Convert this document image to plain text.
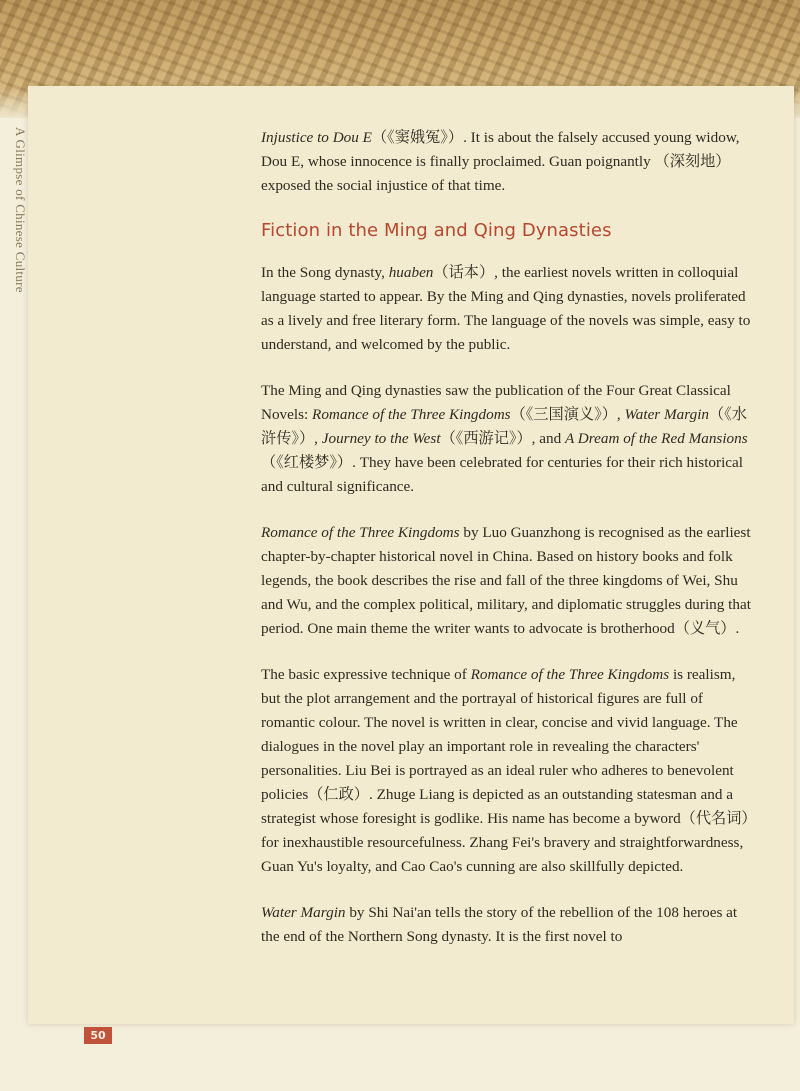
A Glimpse of Chinese Culture	Injustice to Dou E（《窦娥冤》）. It is about the falsely accused young widow, Dou E, whose innocence is finally proclaimed. Guan poignantly （深刻地）exposed the social injustice of that time.

Fiction in the Ming and Qing Dynasties

In the Song dynasty, huaben（话本）, the earliest novels written in colloquial language started to appear. By the Ming and Qing dynasties, novels proliferated as a lively and free literary form. The language of the novels was simple, easy to understand, and welcomed by the public.

The Ming and Qing dynasties saw the publication of the Four Great Classical Novels: Romance of the Three Kingdoms（《三国演义》）, Water Margin（《水浒传》）, Journey to the West（《西游记》）, and A Dream of the Red Mansions（《红楼梦》）. They have been celebrated for centuries for their rich historical and cultural significance.

Romance of the Three Kingdoms by Luo Guanzhong is recognised as the earliest chapter-by-chapter historical novel in China. Based on history books and folk legends, the book describes the rise and fall of the three kingdoms of Wei, Shu and Wu, and the complex political, military, and diplomatic struggles during that period. One main theme the writer wants to advocate is brotherhood（义气）.

The basic expressive technique of Romance of the Three Kingdoms is realism, but the plot arrangement and the portrayal of historical figures are full of romantic colour. The novel is written in clear, concise and vivid language. The dialogues in the novel play an important role in revealing the characters' personalities. Liu Bei is portrayed as an ideal ruler who adheres to benevolent policies（仁政）. Zhuge Liang is depicted as an outstanding statesman and a strategist whose foresight is godlike. His name has become a byword（代名词）for inexhaustible resourcefulness. Zhang Fei's bravery and straightforwardness, Guan Yu's loyalty, and Cao Cao's cunning are also skillfully depicted.

Water Margin by Shi Nai'an tells the story of the rebellion of the 108 heroes at the end of the Northern Song dynasty. It is the first novel to

50
